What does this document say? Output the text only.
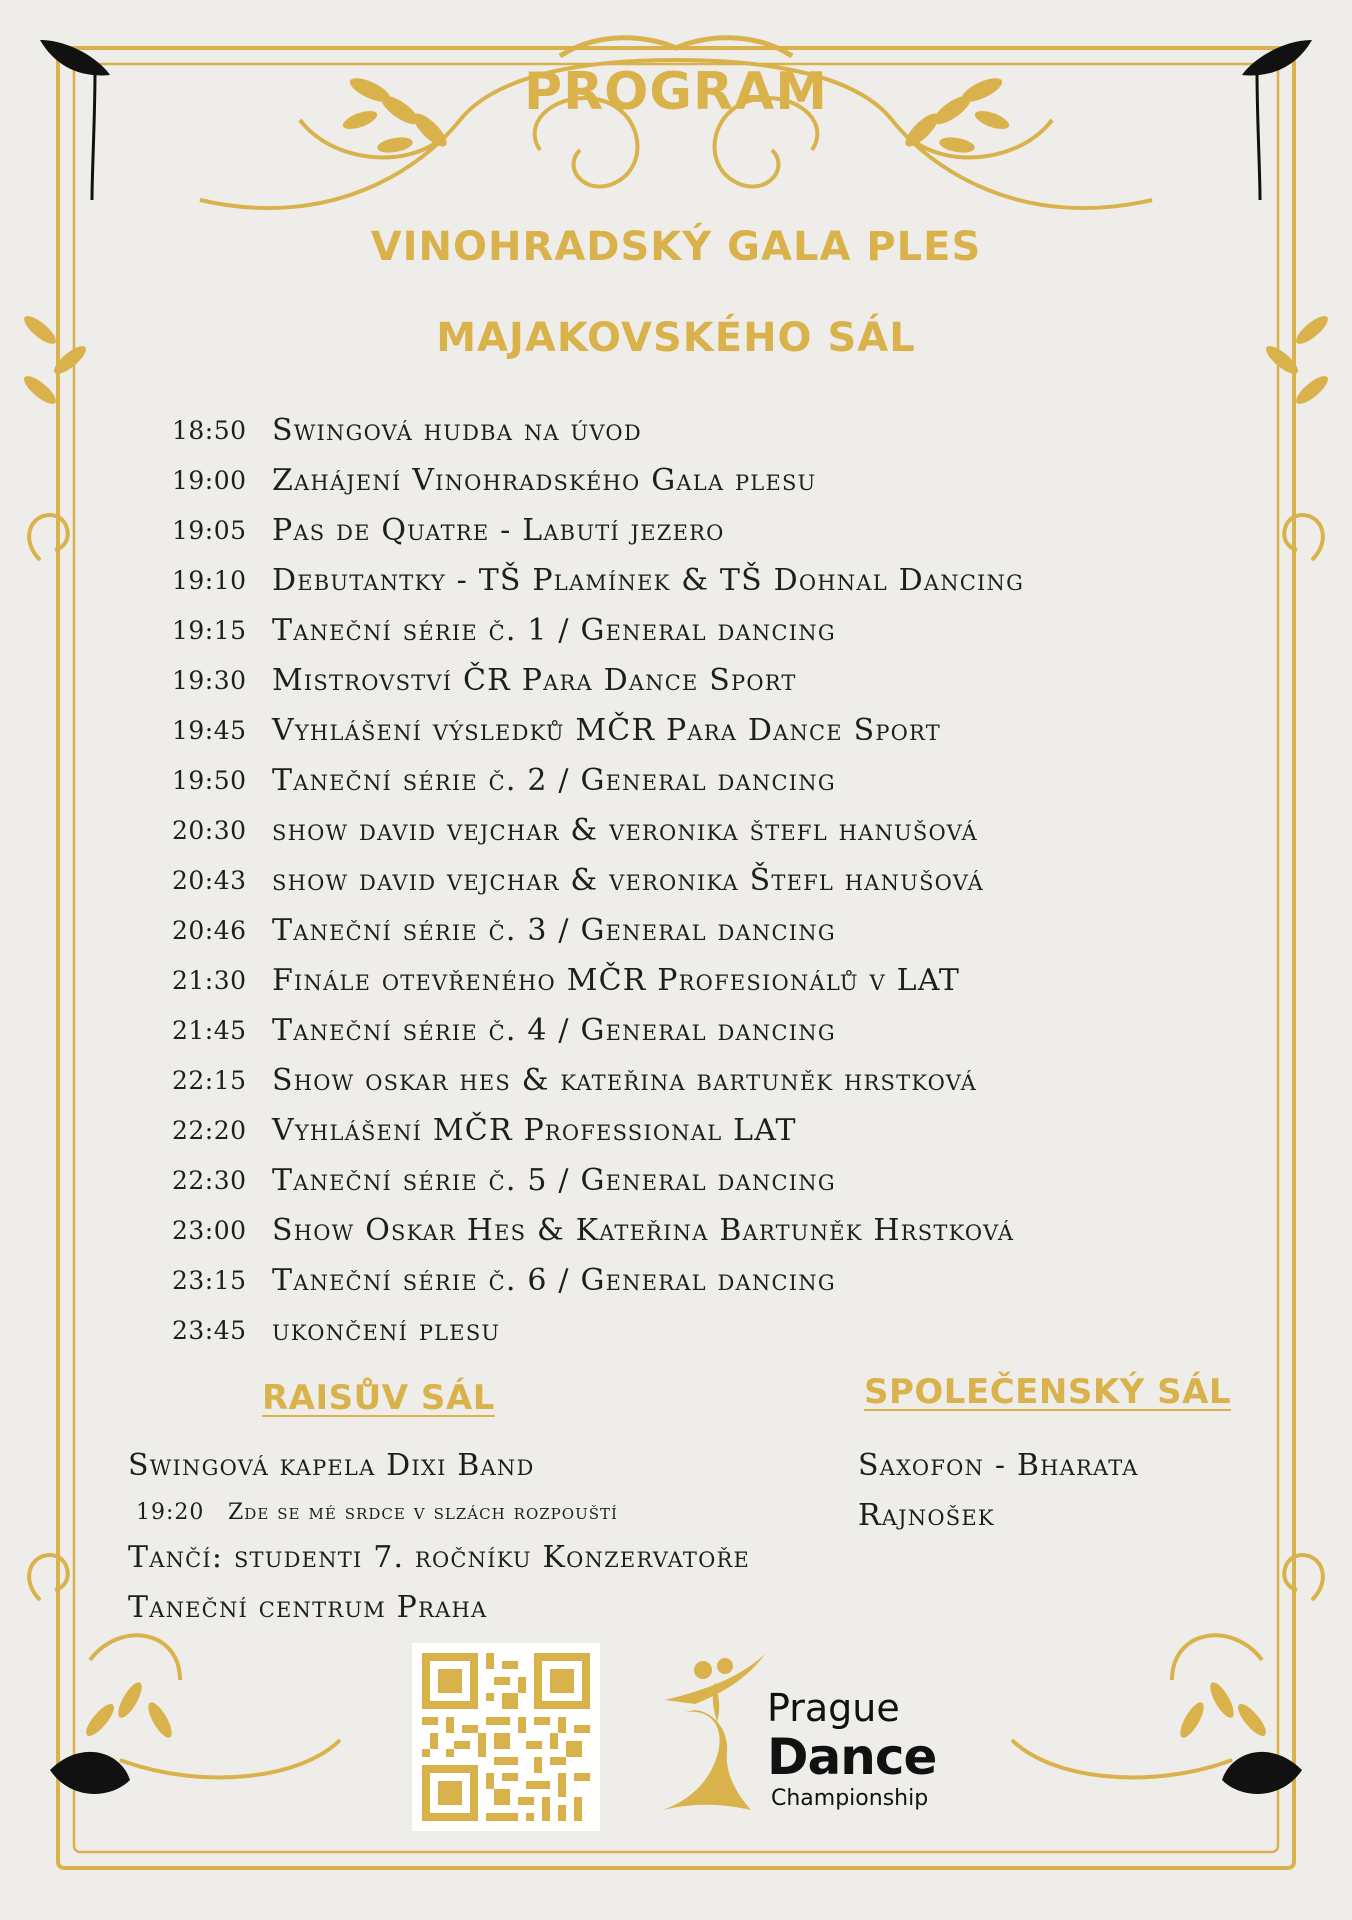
PROGRAM
VINOHRADSKÝ GALA PLES
MAJAKOVSKÉHO SÁL
18:50 Swingová hudba na úvod
19:00 Zahájení Vinohradského Gala plesu
19:05 Pas de Quatre - Labutí jezero
19:10 Debutantky - TŠ Plamínek & TŠ Dohnal Dancing
19:15 Taneční série č. 1 / General dancing
19:30 Mistrovství ČR Para Dance Sport
19:45 Vyhlášení výsledků MČR Para Dance Sport
19:50 Taneční série č. 2 / General dancing
20:30 show david vejchar & veronika štefl hanušová
20:43 show david vejchar & veronika Štefl hanušová
20:46 Taneční série č. 3 / General dancing
21:30 Finále otevřeného MČR Profesionálů v LAT
21:45 Taneční série č. 4 / General dancing
22:15 Show oskar hes & kateřina bartuněk hrstková
22:20 Vyhlášení MČR Professional LAT
22:30 Taneční série č. 5 / General dancing
23:00 Show Oskar Hes & Kateřina Bartuněk Hrstková
23:15 Taneční série č. 6 / General dancing
23:45 ukončení plesu
RAISŮV SÁL	SPOLEČENSKÝ SÁL
Swingová kapela Dixi Band
19:20 Zde se mé srdce v slzách rozpouští
Tančí: studenti 7. ročníku Konzervatoře
Taneční centrum Praha
Saxofon - Bharata
Rajnošek
Prague
Dance
Championship
